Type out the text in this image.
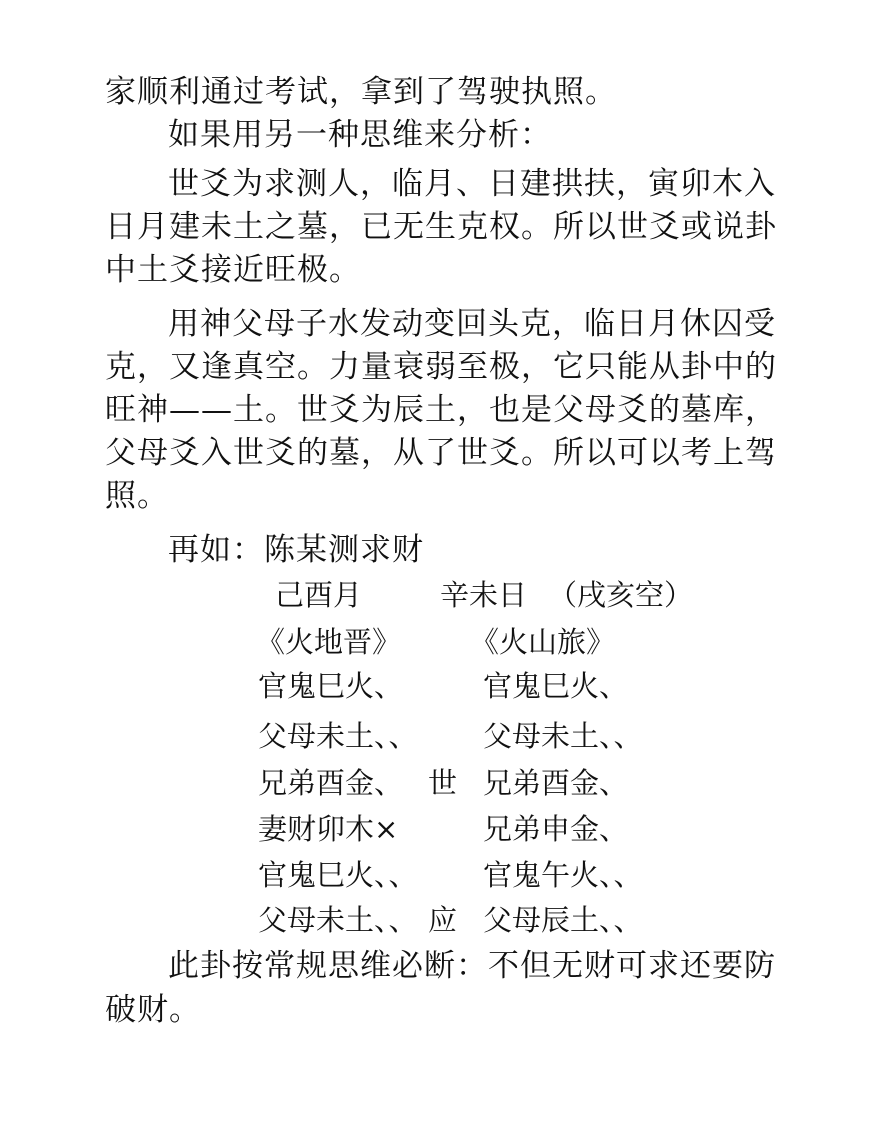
家顺利通过考试，拿到了驾驶执照。
如果用另一种思维来分析：
世爻为求测人，临月、日建拱扶，寅卯木入
日月建未土之墓，已无生克权。所以世爻或说卦
中土爻接近旺极。
用神父母子水发动变回头克，临日月休囚受
克，又逢真空。力量衰弱至极，它只能从卦中的
旺神——土。世爻为辰土，也是父母爻的墓库，
父母爻入世爻的墓，从了世爻。所以可以考上驾
照。
再如：陈某测求财
己酉月	辛未日 （戌亥空）
《火地晋》 《火山旅》
官鬼巳火、	官鬼巳火、
父母未土、、 父母未土、、
兄弟酉金、 世 兄弟酉金、
妻财卯木×	兄弟申金、
官鬼巳火、、 官鬼午火、、
父母未土、、 应 父母辰土、、
此卦按常规思维必断：不但无财可求还要防
破财。
